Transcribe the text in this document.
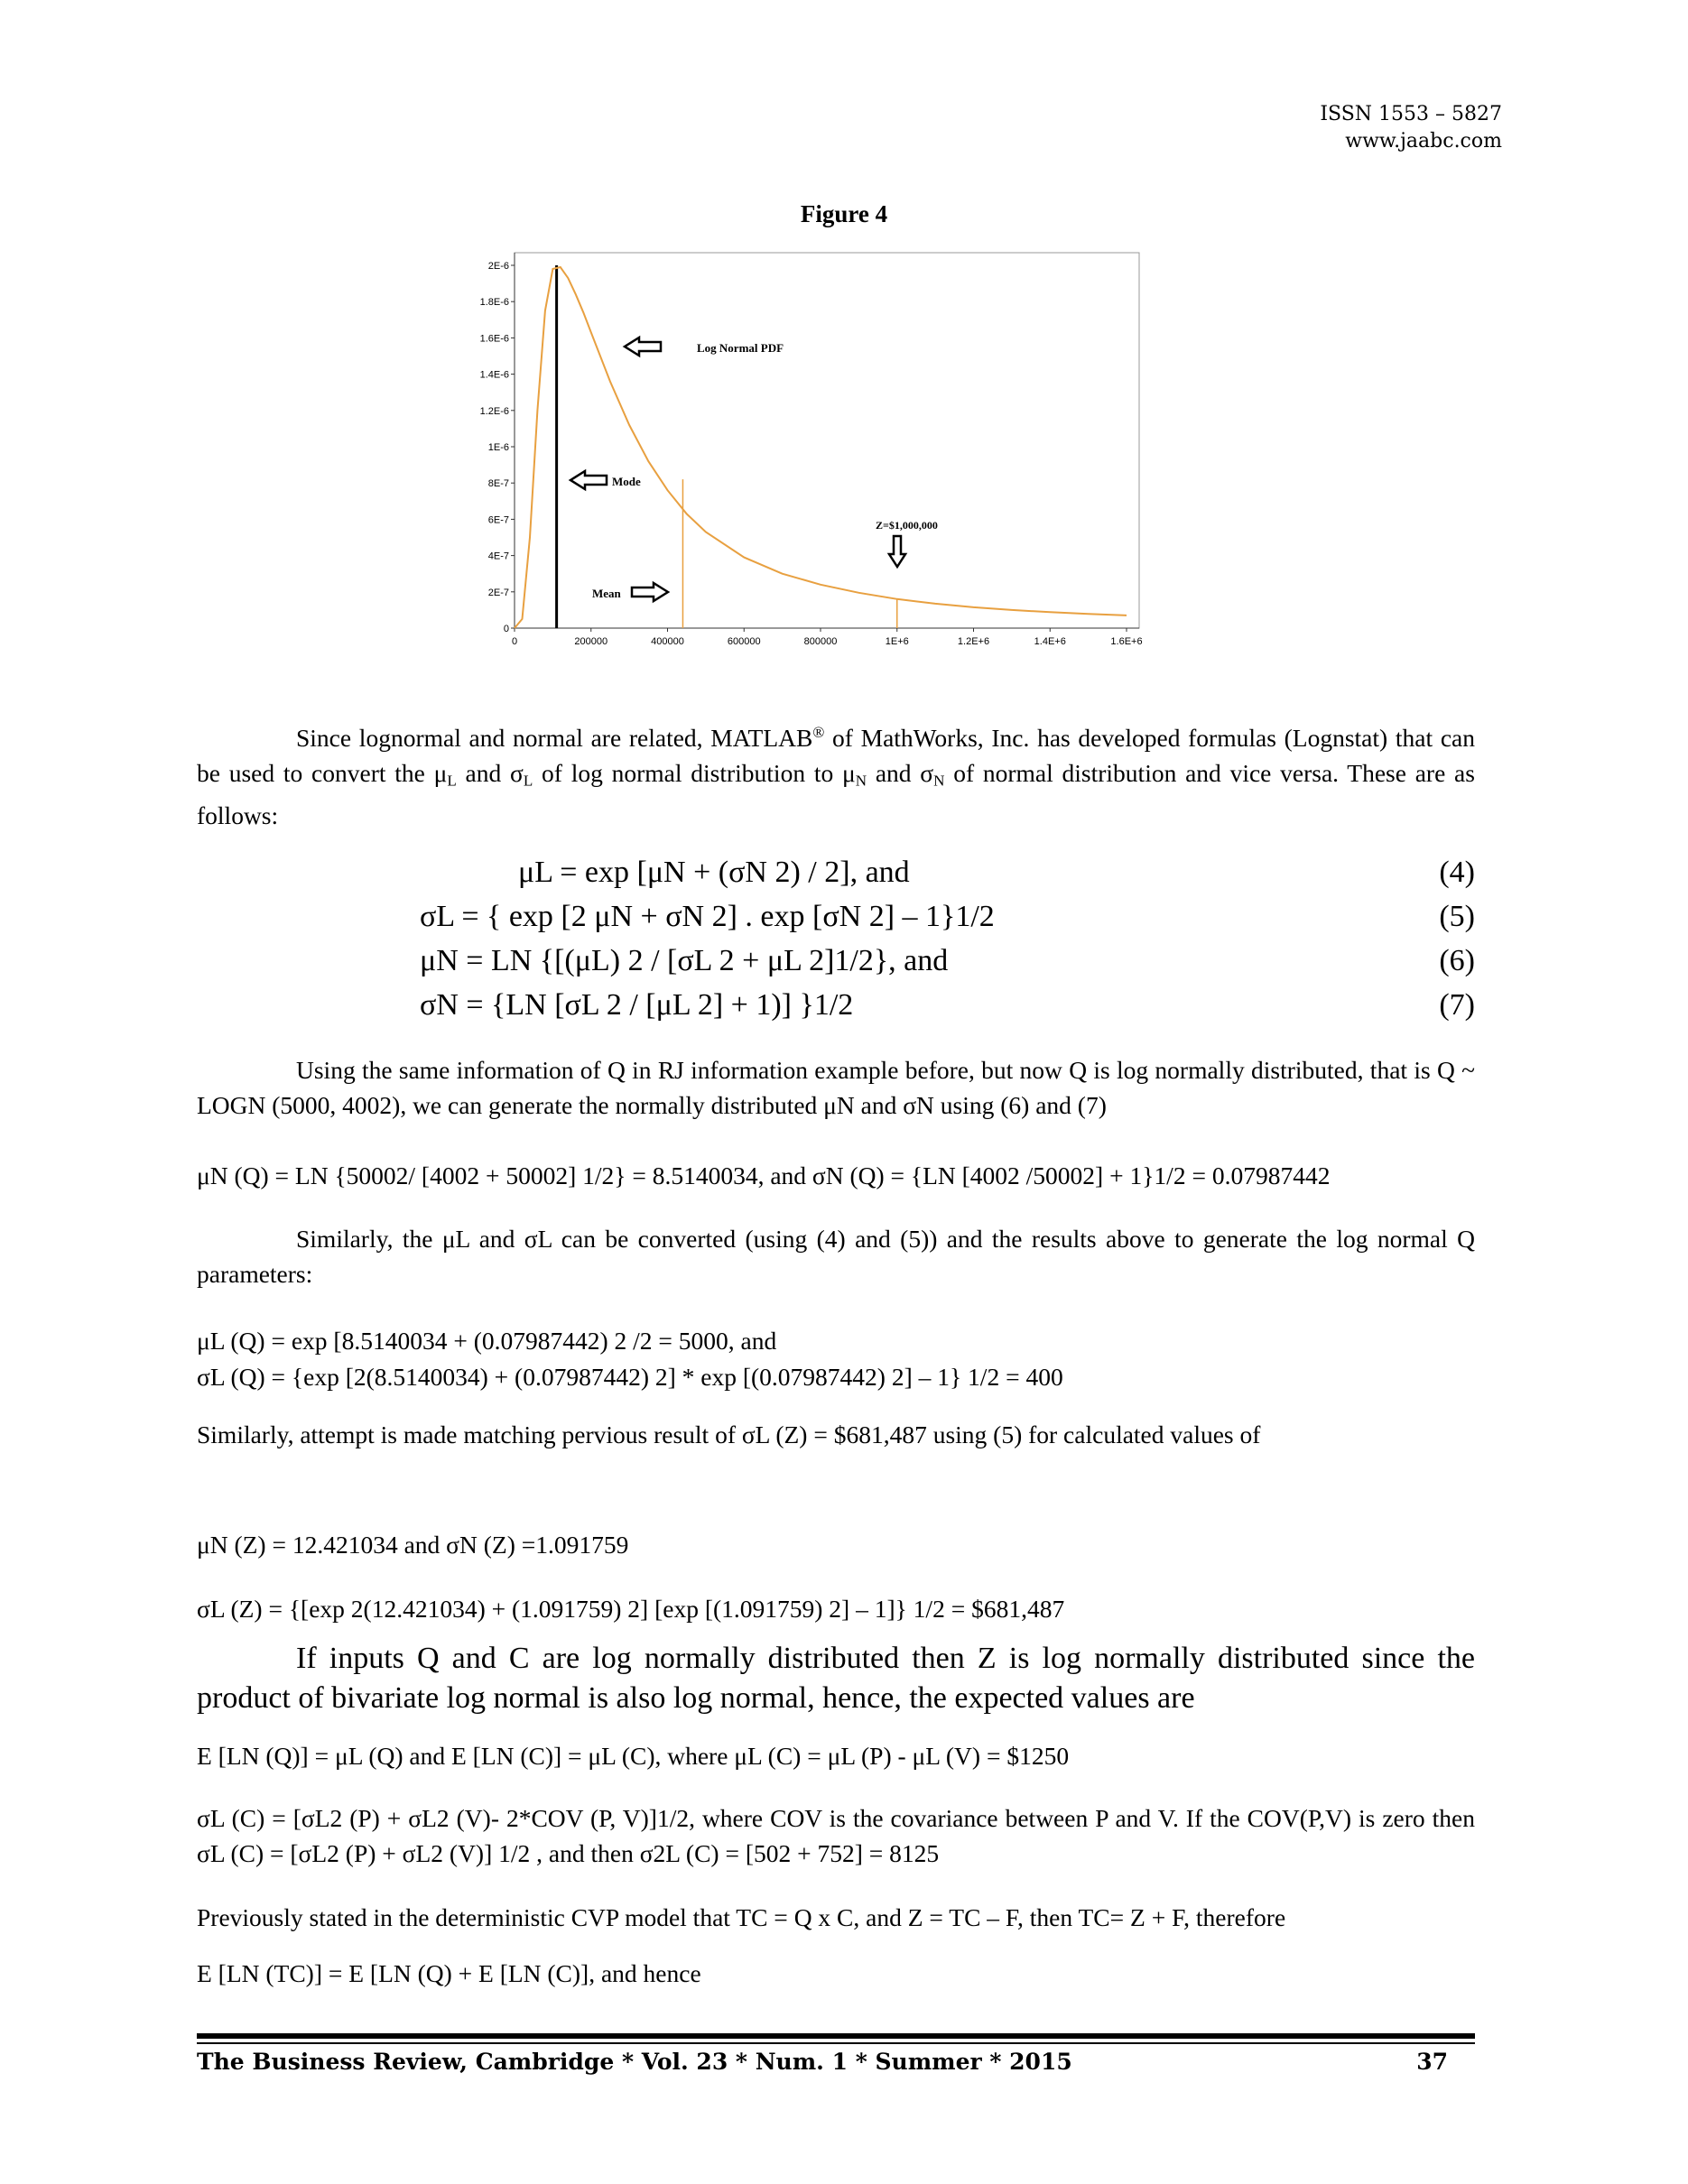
ISSN 1553 – 5827
www.jaabc.com
Figure 4
0
2E-7
4E-7
6E-7
8E-7
1E-6
1.2E-6
1.4E-6
1.6E-6
1.8E-6
2E-6
0	200000	400000	600000	800000	1E+6	1.2E+6	1.4E+6	1.6E+6
Log Normal PDF
Mode
Mean
Z=$1,000,000
Since lognormal and normal are related, MATLAB® of MathWorks, Inc. has developed formulas (Lognstat) that can be used to convert the $\mu_L$ and $\sigma_L$ of log normal distribution to $\mu_N$ and $\sigma_N$ of normal distribution and vice versa. These are as follows:
μL = exp [μN + (σN 2) / 2], and	(4)
σL = { exp [2 μN + σN 2] . exp [σN 2] – 1}1/2	(5)
μN = LN {[(μL) 2 / [σL 2 + μL 2]1/2}, and	(6)
σN = {LN [σL 2 / [μL 2] + 1)] }1/2	(7)
Using the same information of Q in RJ information example before, but now Q is log normally distributed, that is Q ~ LOGN (5000, 4002), we can generate the normally distributed μN and σN using (6) and (7)
μN (Q) = LN {50002/ [4002 + 50002] 1/2} = 8.5140034, and σN (Q) = {LN [4002 /50002] + 1}1/2 = 0.07987442
Similarly, the μL and σL can be converted (using (4) and (5)) and the results above to generate the log normal Q parameters:
μL (Q) = exp [8.5140034 + (0.07987442) 2 /2 = 5000, and
σL (Q) = {exp [2(8.5140034) + (0.07987442) 2] * exp [(0.07987442) 2] – 1} 1/2 = 400
Similarly, attempt is made matching pervious result of σL (Z) = $681,487 using (5) for calculated values of
μN (Z) = 12.421034 and σN (Z) =1.091759
σL (Z) = {[exp 2(12.421034) + (1.091759) 2] [exp [(1.091759) 2] – 1]} 1/2 = $681,487
If inputs Q and C are log normally distributed then Z is log normally distributed since the product of bivariate log normal is also log normal, hence, the expected values are
E [LN (Q)] = μL (Q) and E [LN (C)] = μL (C), where μL (C) = μL (P) - μL (V) = $1250
σL (C) = [σL2 (P) + σL2 (V)- 2*COV (P, V)]1/2, where COV is the covariance between P and V. If the COV(P,V) is zero then σL (C) = [σL2 (P) + σL2 (V)] 1/2 , and then σ2L (C) = [502 + 752] = 8125
Previously stated in the deterministic CVP model that TC = Q x C, and Z = TC – F, then TC= Z + F, therefore
E [LN (TC)] = E [LN (Q) + E [LN (C)], and hence
The Business Review, Cambridge * Vol. 23 * Num. 1 * Summer * 2015	37
